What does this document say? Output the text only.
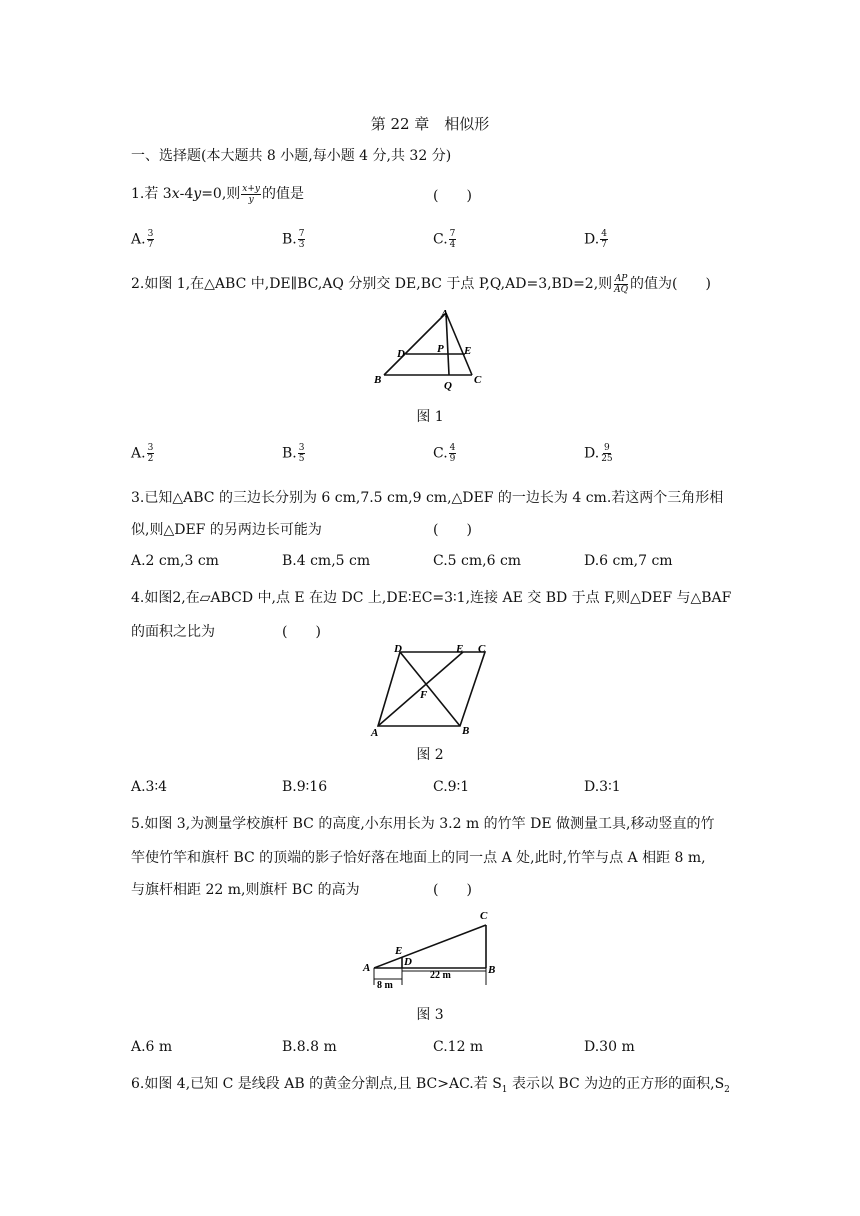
第 22 章　相似形
一、选择题(本大题共 8 小题,每小题 4 分,共 32 分)
1.若 3x-4y=0,则 $\frac{x+y}{y}$ 的值是	(　　)
A. $\frac{3}{7}$	B. $\frac{7}{3}$	C. $\frac{7}{4}$	D. $\frac{4}{7}$
2.如图 1,在△ABC 中,DE∥BC,AQ 分别交 DE,BC 于点 P,Q,AD=3,BD=2,则 $\frac{AP}{AQ}$ 的值为(　　)
A
B	C
D	E
P
Q
图 1
A. $\frac{3}{2}$	B. $\frac{3}{5}$	C. $\frac{4}{9}$	D. $\frac{9}{25}$
3.已知△ABC 的三边长分别为 6 cm,7.5 cm,9 cm,△DEF 的一边长为 4 cm.若这两个三角形相
似,则△DEF 的另两边长可能为	(　　)
A.2 cm,3 cm	B.4 cm,5 cm	C.5 cm,6 cm	D.6 cm,7 cm
4.如图2,在▱ABCD 中,点 E 在边 DC 上,DE∶EC=3∶1,连接 AE 交 BD 于点 F,则△DEF 与△BAF
的面积之比为	(　　)
D	E C
F
A	B
图 2
A.3∶4	B.9∶16	C.9∶1	D.3∶1
5.如图 3,为测量学校旗杆 BC 的高度,小东用长为 3.2 m 的竹竿 DE 做测量工具,移动竖直的竹
竿使竹竿和旗杆 BC 的顶端的影子恰好落在地面上的同一点 A 处,此时,竹竿与点 A 相距 8 m,
与旗杆相距 22 m,则旗杆 BC 的高为	(　　)
C
E
D
A	B
8 m
22 m
图 3
A.6 m	B.8.8 m	C.12 m	D.30 m
6.如图 4,已知 C 是线段 AB 的黄金分割点,且 BC>AC.若 $S_1$ 表示以 BC 为边的正方形的面积$,S_2$
